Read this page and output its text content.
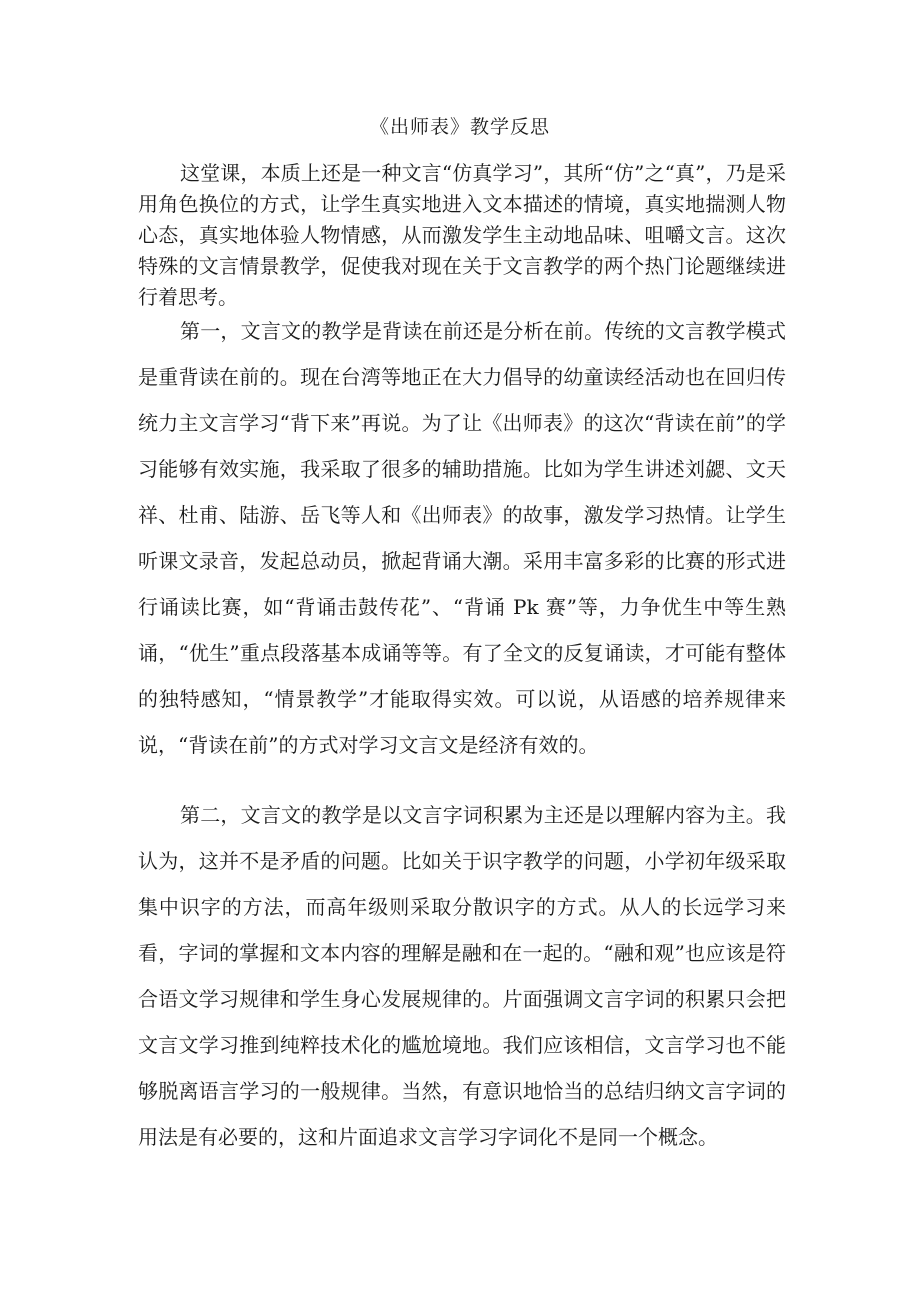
《出师表》教学反思

这堂课，本质上还是一种文言“仿真学习”，其所“仿”之“真”，乃是采用角色换位的方式，让学生真实地进入文本描述的情境，真实地揣测人物心态，真实地体验人物情感，从而激发学生主动地品味、咀嚼文言。这次特殊的文言情景教学，促使我对现在关于文言教学的两个热门论题继续进行着思考。

第一，文言文的教学是背读在前还是分析在前。传统的文言教学模式是重背读在前的。现在台湾等地正在大力倡导的幼童读经活动也在回归传统力主文言学习“背下来”再说。为了让《出师表》的这次“背读在前”的学习能够有效实施，我采取了很多的辅助措施。比如为学生讲述刘勰、文天祥、杜甫、陆游、岳飞等人和《出师表》的故事，激发学习热情。让学生听课文录音，发起总动员，掀起背诵大潮。采用丰富多彩的比赛的形式进行诵读比赛，如“背诵击鼓传花”、“背诵 Pk 赛”等，力争优生中等生熟诵，“优生”重点段落基本成诵等等。有了全文的反复诵读，才可能有整体的独特感知，“情景教学”才能取得实效。可以说，从语感的培养规律来说，“背读在前”的方式对学习文言文是经济有效的。

第二，文言文的教学是以文言字词积累为主还是以理解内容为主。我认为，这并不是矛盾的问题。比如关于识字教学的问题，小学初年级采取集中识字的方法，而高年级则采取分散识字的方式。从人的长远学习来看，字词的掌握和文本内容的理解是融和在一起的。“融和观”也应该是符合语文学习规律和学生身心发展规律的。片面强调文言字词的积累只会把文言文学习推到纯粹技术化的尴尬境地。我们应该相信，文言学习也不能够脱离语言学习的一般规律。当然，有意识地恰当的总结归纳文言字词的用法是有必要的，这和片面追求文言学习字词化不是同一个概念。
